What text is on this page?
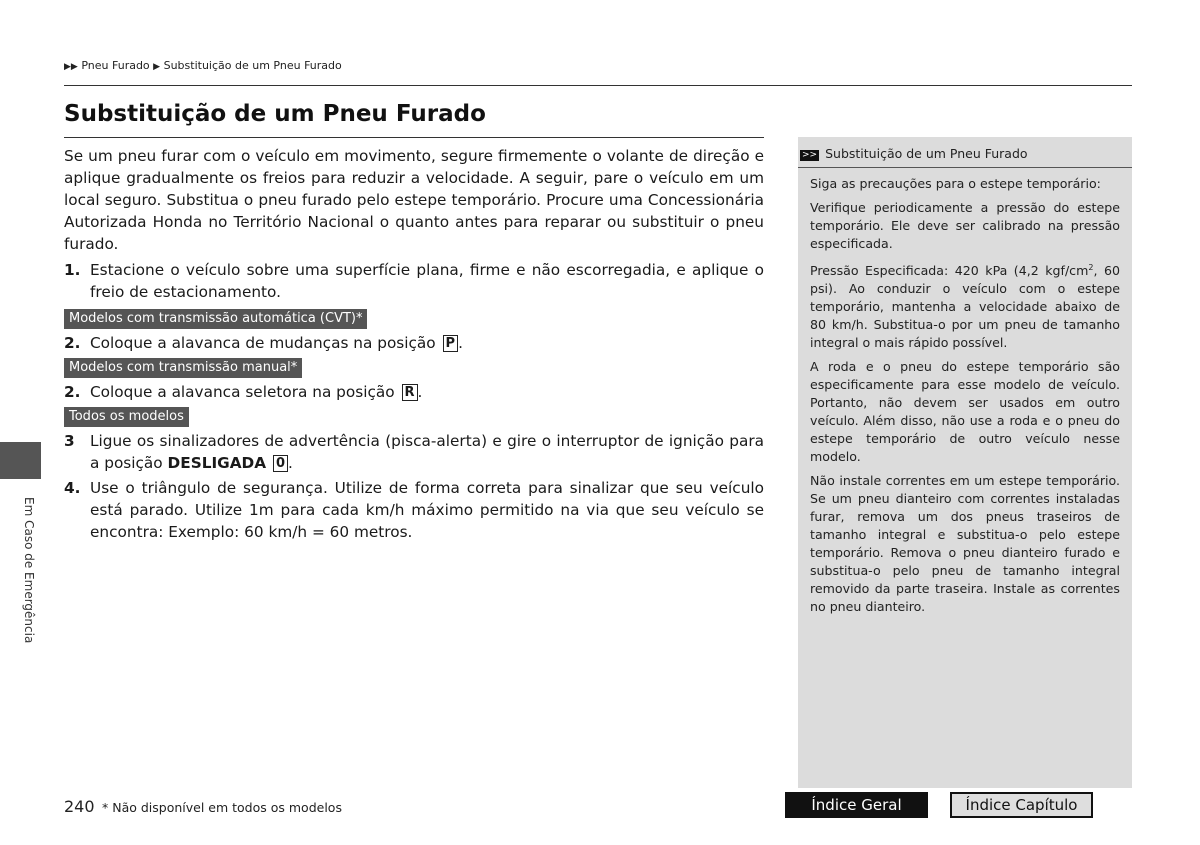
▶▶ Pneu Furado ▶ Substituição de um Pneu Furado
Substituição de um Pneu Furado

Se um pneu furar com o veículo em movimento, segure firmemente o volante de direção e aplique gradualmente os freios para reduzir a velocidade. A seguir, pare o veículo em um local seguro. Substitua o pneu furado pelo estepe temporário. Procure uma Concessionária Autorizada Honda no Território Nacional o quanto antes para reparar ou substituir o pneu furado.

1. Estacione o veículo sobre uma superfície plana, firme e não escorregadia, e aplique o freio de estacionamento.
Modelos com transmissão automática (CVT)*
2. Coloque a alavanca de mudanças na posição P .
Modelos com transmissão manual*
2. Coloque a alavanca seletora na posição R .
Todos os modelos
3 Ligue os sinalizadores de advertência (pisca-alerta) e gire o interruptor de ignição para a posição DESLIGADA 0 .
4. Use o triângulo de segurança. Utilize de forma correta para sinalizar que seu veículo está parado. Utilize 1m para cada km/h máximo permitido na via que seu veículo se encontra: Exemplo: 60 km/h = 60 metros.
>> Substituição de um Pneu Furado

Siga as precauções para o estepe temporário:

Verifique periodicamente a pressão do estepe temporário. Ele deve ser calibrado na pressão especificada.

Pressão Especificada: 420 kPa (4,2 kgf/$cm^2$, 60 psi). Ao conduzir o veículo com o estepe temporário, mantenha a velocidade abaixo de 80 km/h. Substitua-o por um pneu de tamanho integral o mais rápido possível.

A roda e o pneu do estepe temporário são especificamente para esse modelo de veículo. Portanto, não devem ser usados em outro veículo. Além disso, não use a roda e o pneu do estepe temporário de outro veículo nesse modelo.

Não instale correntes em um estepe temporário. Se um pneu dianteiro com correntes instaladas furar, remova um dos pneus traseiros de tamanho integral e substitua-o pelo estepe temporário. Remova o pneu dianteiro furado e substitua-o pelo pneu de tamanho integral removido da parte traseira. Instale as correntes no pneu dianteiro.

Em Caso de Emergência
240 * Não disponível em todos os modelos	Índice Geral	Índice Capítulo
